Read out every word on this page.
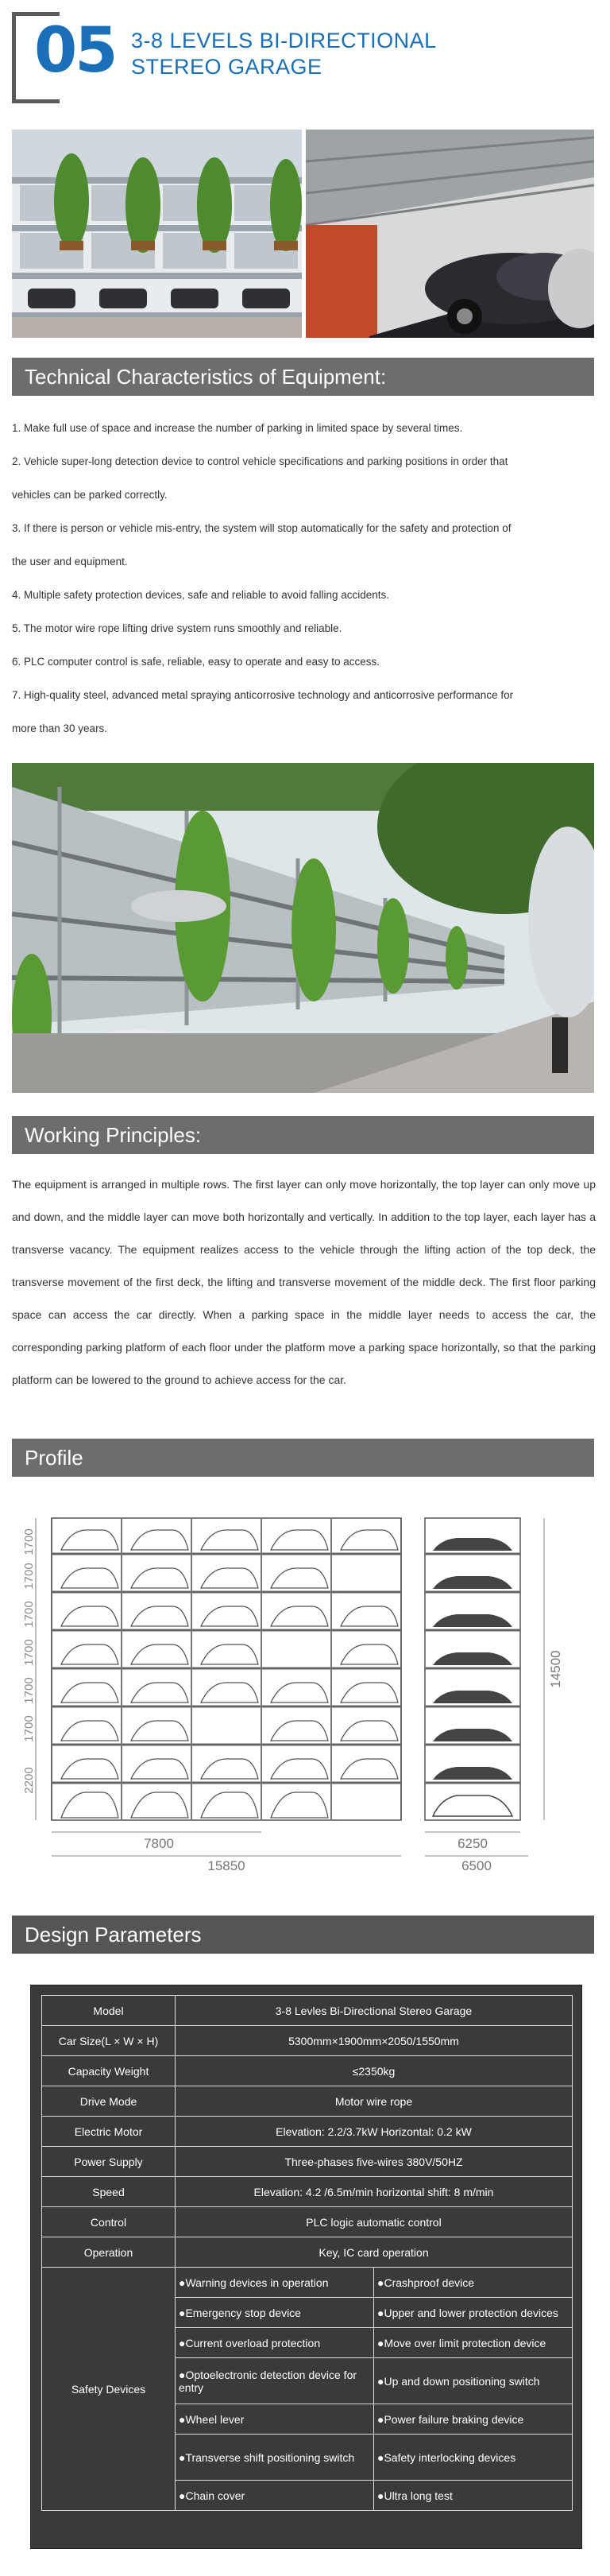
05 3-8 LEVELS BI-DIRECTIONAL
STEREO GARAGE
Technical Characteristics of Equipment:

1. Make full use of space and increase the number of parking in limited space by several times.

2. Vehicle super-long detection device to control vehicle specifications and parking positions in order that

vehicles can be parked correctly.

3. If there is person or vehicle mis-entry, the system will stop automatically for the safety and protection of

the user and equipment.

4. Multiple safety protection devices, safe and reliable to avoid falling accidents.

5. The motor wire rope lifting drive system runs smoothly and reliable.

6. PLC computer control is safe, reliable, easy to operate and easy to access.

7. High-quality steel, advanced metal spraying anticorrosive technology and anticorrosive performance for

more than 30 years.

Working Principles:
The equipment is arranged in multiple rows. The first layer can only move horizontally, the top layer can only move up and down, and the middle layer can move both horizontally and vertically. In addition to the top layer, each layer has a transverse vacancy. The equipment realizes access to the vehicle through the lifting action of the top deck, the transverse movement of the first deck, the lifting and transverse movement of the middle deck. The first floor parking space can access the car directly. When a parking space in the middle layer needs to access the car, the corresponding parking platform of each floor under the platform move a parking space horizontally, so that the parking platform can be lowered to the ground to achieve access for the car.
Profile
1700
1700
1700
1700
1700
1700
2200
7800
15850
6250
6500
14500
Design Parameters
Model	3-8 Levles Bi-Directional Stereo Garage	
Car Size(L × W × H)	5300mm×1900mm×2050/1550mm	
Capacity Weight	≤2350kg	
Drive Mode	Motor wire rope	
Electric Motor	Elevation: 2.2/3.7kW Horizontal: 0.2 kW	
Power Supply	Three-phases five-wires 380V/50HZ	
Speed	Elevation: 4.2 /6.5m/min horizontal shift: 8 m/min	
Control	PLC logic automatic control	
Operation	Key, IC card operation	
Safety Devices	●Warning devices in operation	●Crashproof device
	●Emergency stop device	●Upper and lower protection devices
	●Current overload protection	●Move over limit protection device
	●Optoelectronic detection device for entry	●Up and down positioning switch
	●Wheel lever	●Power failure braking device
	●Transverse shift positioning switch	●Safety interlocking devices
	●Chain cover	●Ultra long test
